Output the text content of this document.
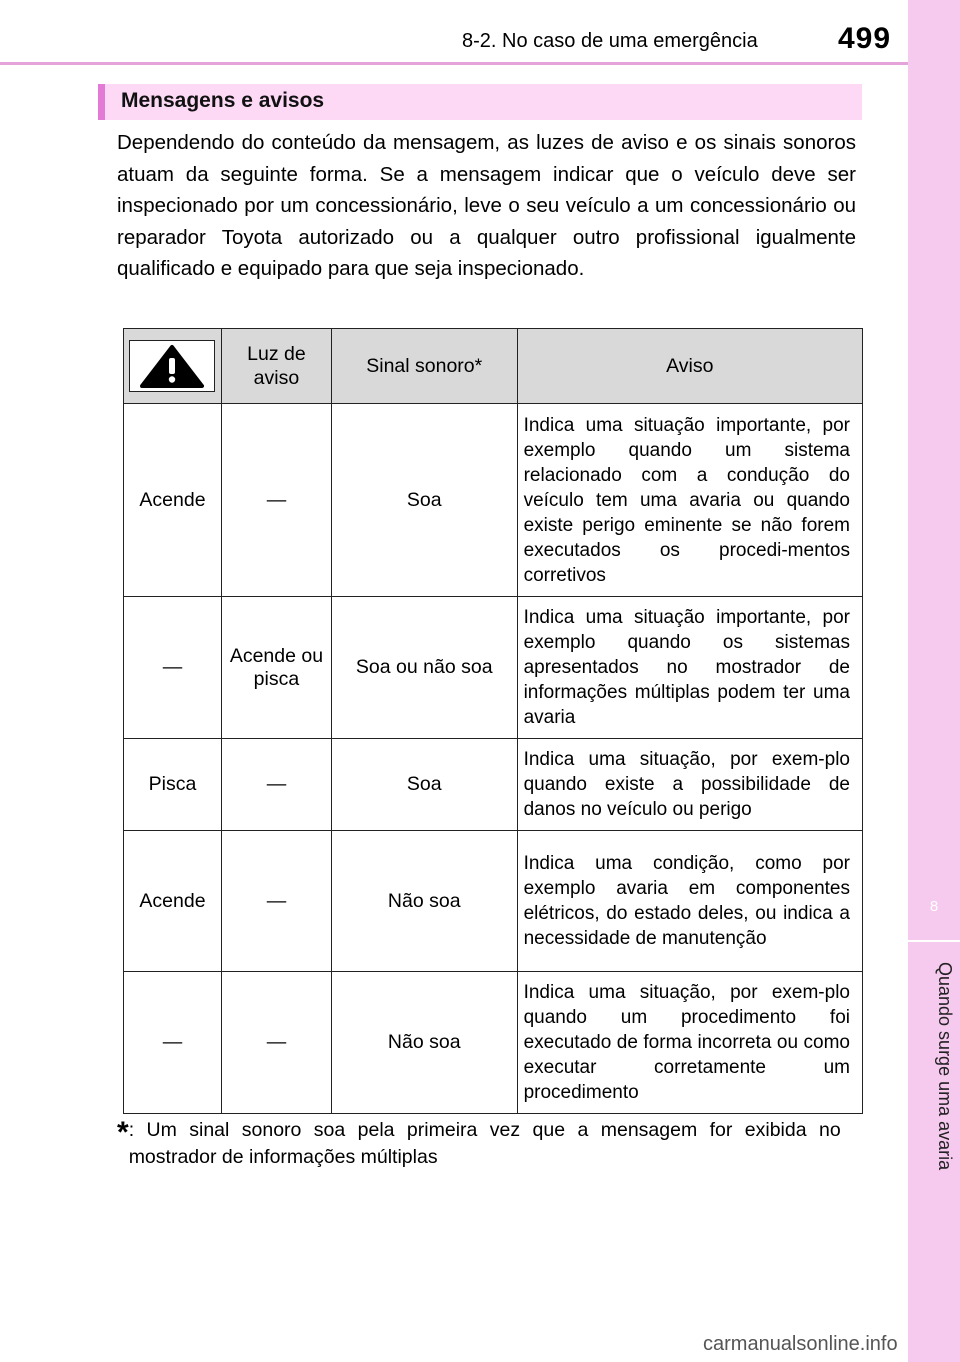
8-2. No caso de uma emergência	499
8
Quando surge uma avaria
Mensagens e avisos

Dependendo do conteúdo da mensagem, as luzes de aviso e os sinais sonoros atuam da seguinte forma. Se a mensagem indicar que o veículo deve ser inspecionado por um concessionário, leve o seu veículo a um concessionário ou reparador Toyota autorizado ou a qualquer outro profissional igualmente qualificado e equipado para que seja inspecionado.

	Luz de aviso	Sinal sonoro*	Aviso
Acende	—	Soa	Indica uma situação importante, por exemplo quando um sistema relacionado com a condução do veículo tem uma avaria ou quando existe perigo eminente se não forem executados os procedi-mentos corretivos
—	Acende ou pisca	Soa ou não soa	Indica uma situação importante, por exemplo quando os sistemas apresentados no mostrador de informações múltiplas podem ter uma avaria
Pisca	—	Soa	Indica uma situação, por exem-plo quando existe a possibilidade de danos no veículo ou perigo
Acende	—	Não soa	Indica uma condição, como por exemplo avaria em componentes elétricos, do estado deles, ou indica a necessidade de manutenção
—	—	Não soa	Indica uma situação, por exem-plo quando um procedimento foi executado de forma incorreta ou como executar corretamente um procedimento
*: Um sinal sonoro soa pela primeira vez que a mensagem for exibida no mostrador de informações múltiplas
carmanualsonline.info
